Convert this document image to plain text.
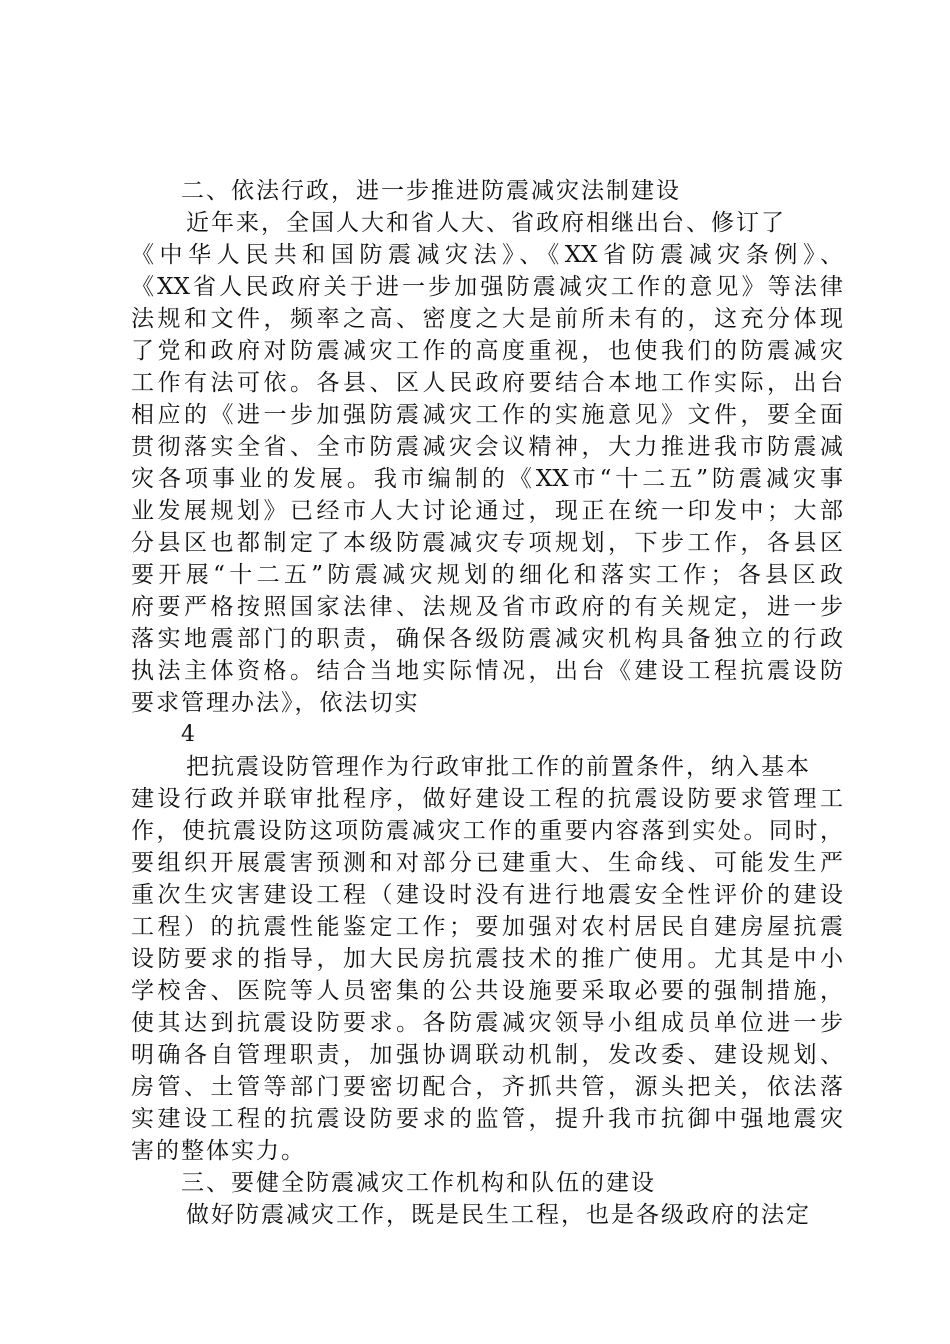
二、依法行政，进一步推进防震减灾法制建设
近年来，全国人大和省人大、省政府相继出台、修订了
《中华人民共和国防震减灾法》、《XX省防震减灾条例》、
《XX省人民政府关于进一步加强防震减灾工作的意见》等法律
法规和文件，频率之高、密度之大是前所未有的，这充分体现
了党和政府对防震减灾工作的高度重视，也使我们的防震减灾
工作有法可依。各县、区人民政府要结合本地工作实际，出台
相应的《进一步加强防震减灾工作的实施意见》文件，要全面
贯彻落实全省、全市防震减灾会议精神，大力推进我市防震减
灾各项事业的发展。我市编制的《XX市“十二五”防震减灾事
业发展规划》已经市人大讨论通过，现正在统一印发中；大部
分县区也都制定了本级防震减灾专项规划，下步工作，各县区
要开展“十二五”防震减灾规划的细化和落实工作；各县区政
府要严格按照国家法律、法规及省市政府的有关规定，进一步
落实地震部门的职责，确保各级防震减灾机构具备独立的行政
执法主体资格。结合当地实际情况，出台《建设工程抗震设防
要求管理办法》，依法切实
4
把抗震设防管理作为行政审批工作的前置条件，纳入基本
建设行政并联审批程序，做好建设工程的抗震设防要求管理工
作，使抗震设防这项防震减灾工作的重要内容落到实处。同时，
要组织开展震害预测和对部分已建重大、生命线、可能发生严
重次生灾害建设工程（建设时没有进行地震安全性评价的建设
工程）的抗震性能鉴定工作；要加强对农村居民自建房屋抗震
设防要求的指导，加大民房抗震技术的推广使用。尤其是中小
学校舍、医院等人员密集的公共设施要采取必要的强制措施，
使其达到抗震设防要求。各防震减灾领导小组成员单位进一步
明确各自管理职责，加强协调联动机制，发改委、建设规划、
房管、土管等部门要密切配合，齐抓共管，源头把关，依法落
实建设工程的抗震设防要求的监管，提升我市抗御中强地震灾
害的整体实力。
三、要健全防震减灾工作机构和队伍的建设
做好防震减灾工作，既是民生工程，也是各级政府的法定
